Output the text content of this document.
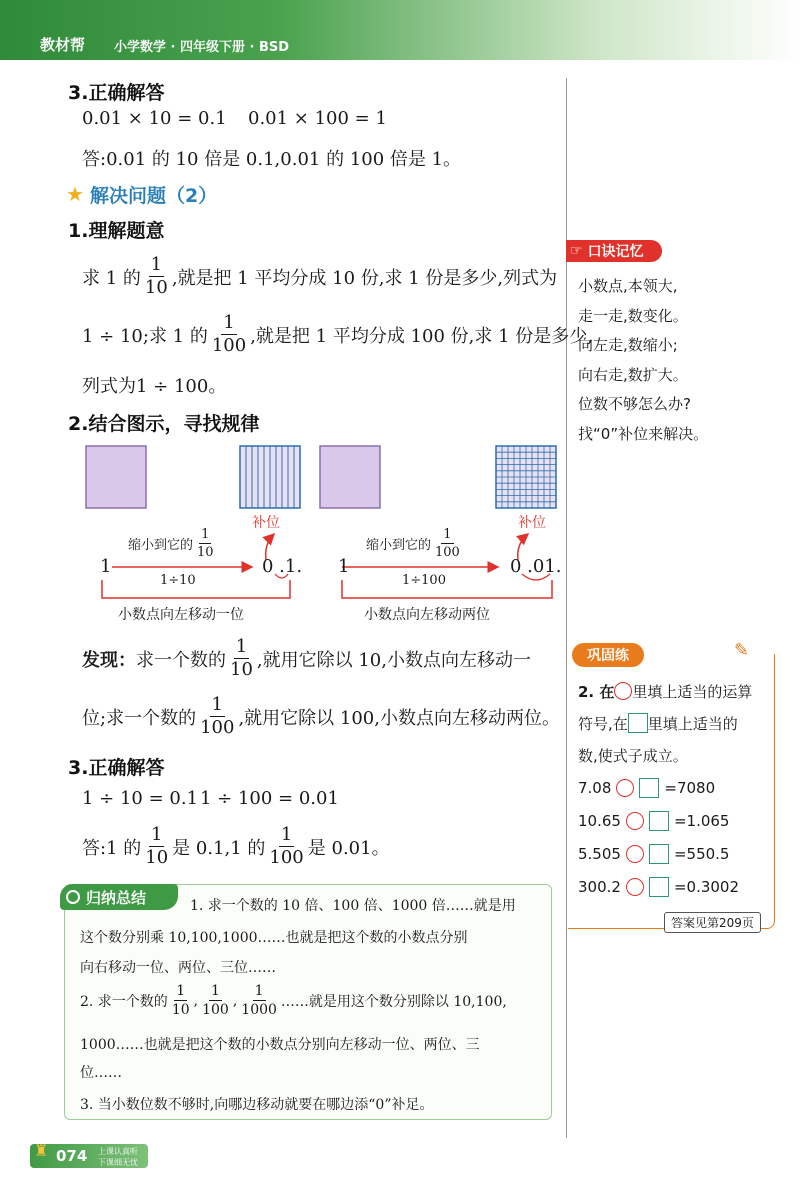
教材帮 小学数学 · 四年级下册 · BSD
3.正确解答
0.01 × 10 = 0.1 0.01 × 100 = 1
答:0.01 的 10 倍是 0.1,0.01 的 100 倍是 1。
★ 解决问题（2）
1.理解题意
求 1 的 $\frac{1}{10}$ ,就是把 1 平均分成 10 份,求 1 份是多少,列式为
1 ÷ 10;求 1 的 $\frac{1}{100}$ ,就是把 1 平均分成 100 份,求 1 份是多少,
列式为1 ÷ 100。
2.结合图示，寻找规律
补位	补位
缩小到它的 $\frac{1}{10}$	缩小到它的 $\frac{1}{100}$
1
1÷10
0 .1.
小数点向左移动一位
1
1÷100
0 .01.
小数点向左移动两位
发现： 求一个数的 $\frac{1}{10}$ ,就用它除以 10,小数点向左移动一
位;求一个数的 $\frac{1}{100}$ ,就用它除以 100,小数点向左移动两位。
3.正确解答
1 ÷ 10 = 0.1 1 ÷ 100 = 0.01
答:1 的 $\frac{1}{10}$ 是 0.1,1 的 $\frac{1}{100}$ 是 0.01。
归纳总结	1. 求一个数的 10 倍、100 倍、1000 倍……就是用
这个数分别乘 10,100,1000……也就是把这个数的小数点分别
向右移动一位、两位、三位……
2. 求一个数的 $\frac{1}{10}$ , $\frac{1}{100}$ , $\frac{1}{1000}$ ……就是用这个数分别除以 10,100,
1000……也就是把这个数的小数点分别向左移动一位、两位、三
位……
3. 当小数位数不够时,向哪边移动就要在哪边添“0”补足。
☞ 口诀记忆
小数点,本领大,
走一走,数变化。
向左走,数缩小;
向右走,数扩大。
位数不够怎么办?
找“0”补位来解决。
巩固练	✎
2. 在 里填上适当的运算
符号,在 里填上适当的
数,使式子成立。
7.08	=7080
10.65	=1.065
5.505	=550.5
300.2	=0.3002
答案见第209页
♜ 074 上课认真听
下课细无忧
